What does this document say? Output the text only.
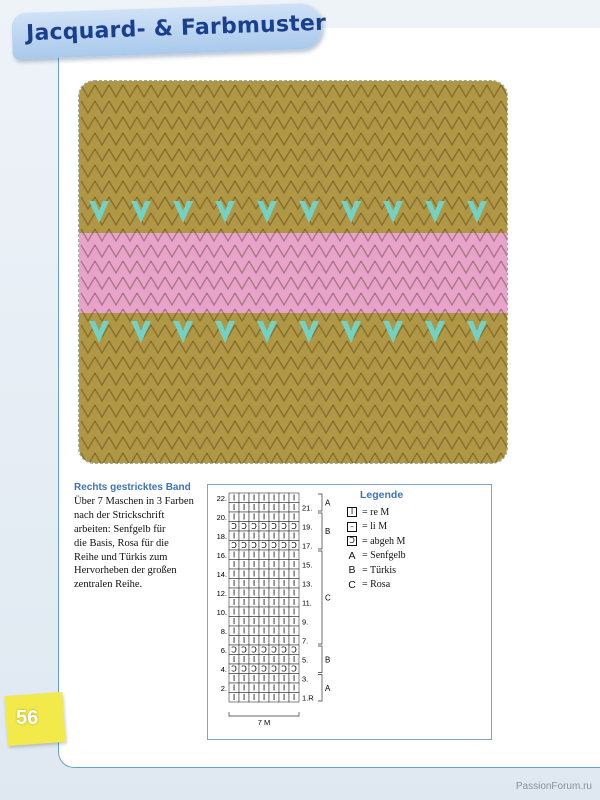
Jacquard- & Farbmuster
Rechts gestricktes Band
Über 7 Maschen in 3 Farben
nach der Strickschrift
arbeiten: Senfgelb für
die Basis, Rosa für die
Reihe und Türkis zum
Hervorheben der großen
zentralen Reihe.
I I I I I I I
I I I I I I I
I I I I I I I
Ↄ Ↄ Ↄ Ↄ Ↄ Ↄ Ↄ
I I I I I I I
Ↄ Ↄ Ↄ Ↄ Ↄ Ↄ Ↄ
I I I I I I I
I I I I I I I
I I I I I I I
I I I I I I I
I I I I I I I
I I I I I I I
I I I I I I I
I I I I I I I
I I I I I I I
I I I I I I I
Ↄ Ↄ Ↄ Ↄ Ↄ Ↄ Ↄ
I I I I I I I
Ↄ Ↄ Ↄ Ↄ Ↄ Ↄ Ↄ
I I I I I I I
I I I I I I I
I I I I I I I
22.
20.
18.
16.
14.
12.
10.
8.
6.
4.
2.
21.
19.
17.
15.
13.
11.
9.
7.
5.
3.
1.R
A
B
C
B
A
7 M
Legende
I = re M
– = li M
Ↄ = abgeh M
A = Senfgelb
B = Türkis
C = Rosa
56
PassionForum.ru
